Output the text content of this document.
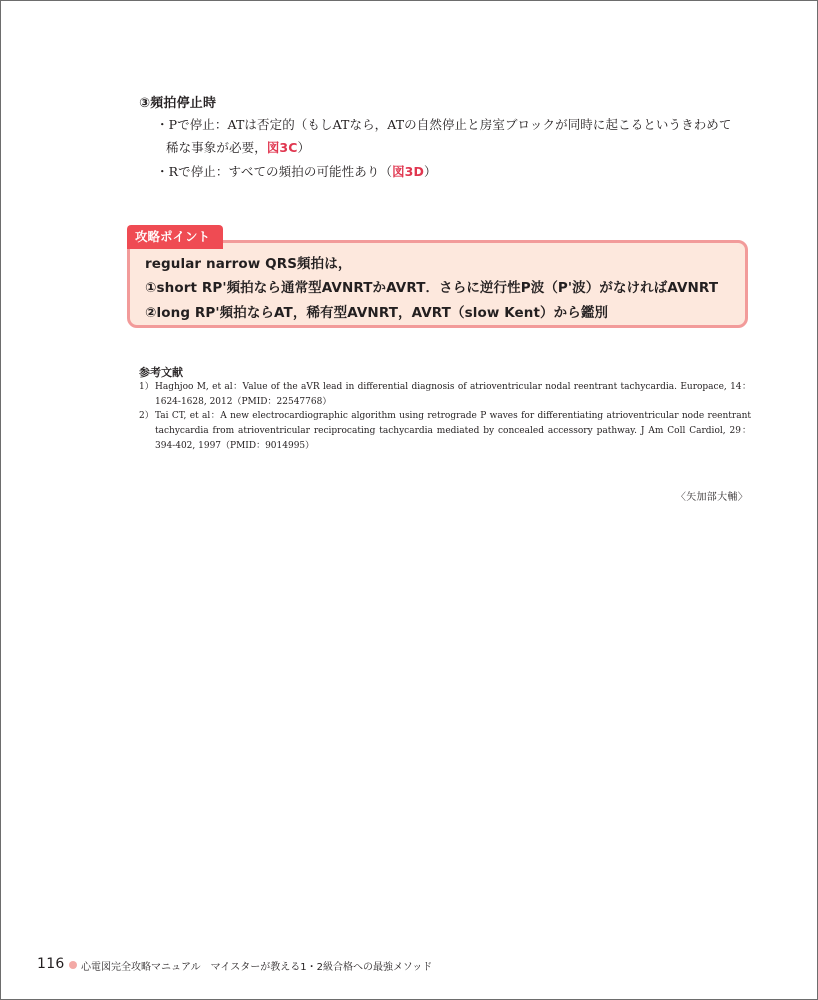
③頻拍停止時
・Pで停止：ATは否定的（もしATなら，ATの自然停止と房室ブロックが同時に起こるというきわめて
稀な事象が必要，図3C）
・Rで停止：すべての頻拍の可能性あり（図3D）
攻略ポイント
regular narrow QRS頻拍は，
①short RP'頻拍なら通常型AVNRTかAVRT．さらに逆行性P波（P'波）がなければAVNRT
②long RP'頻拍ならAT，稀有型AVNRT，AVRT（slow Kent）から鑑別
参考文献
1） Haghjoo M, et al：Value of the aVR lead in differential diagnosis of atrioventricular nodal reentrant tachycardia. Europace, 14：1624-1628, 2012（PMID：22547768）
2） Tai CT, et al：A new electrocardiographic algorithm using retrograde P waves for differentiating atrioventricular node reentrant tachycardia from atrioventricular reciprocating tachycardia mediated by concealed accessory pathway. J Am Coll Cardiol, 29：394-402, 1997（PMID：9014995）
〈矢加部大輔〉
116 心電図完全攻略マニュアル　マイスターが教える1・2級合格への最強メソッド
